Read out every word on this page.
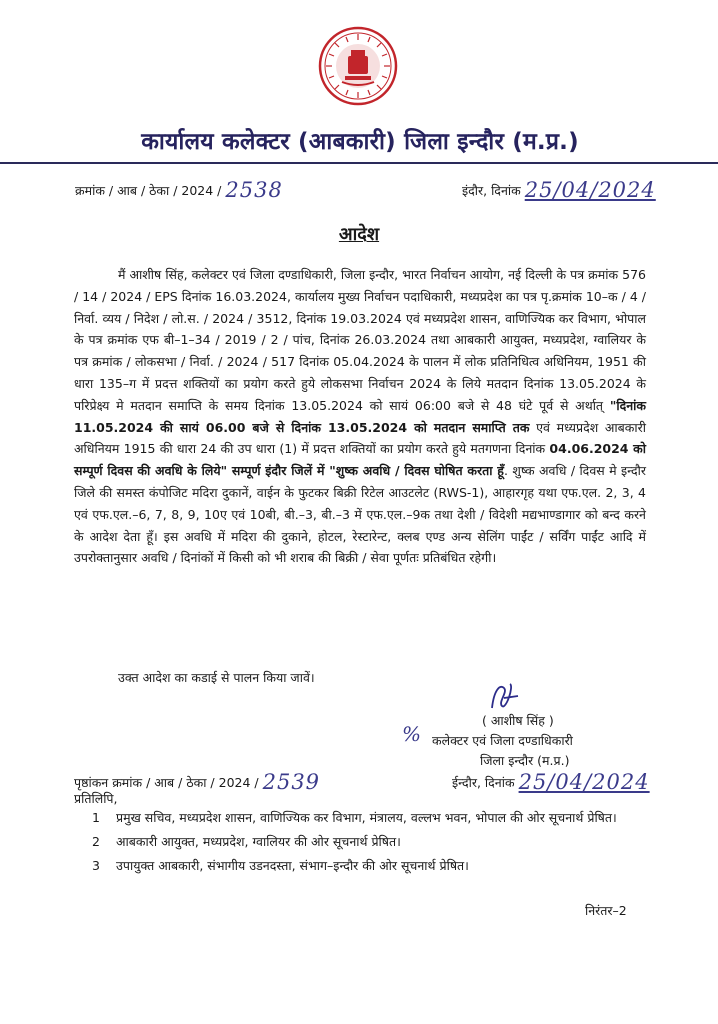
कार्यालय कलेक्टर (आबकारी) जिला इन्दौर (म.प्र.)
क्रमांक / आब / ठेका / 2024 / 2538	इंदौर, दिनांक 25/04/2024
आदेश

मैं आशीष सिंह, कलेक्टर एवं जिला दण्डाधिकारी, जिला इन्दौर, भारत निर्वाचन आयोग, नई दिल्ली के पत्र क्रमांक 576 / 14 / 2024 / EPS दिनांक 16.03.2024, कार्यालय मुख्य निर्वाचन पदाधिकारी, मध्यप्रदेश का पत्र पृ.क्रमांक 10–क / 4 / निर्वा. व्यय / निदेश / लो.स. / 2024 / 3512, दिनांक 19.03.2024 एवं मध्यप्रदेश शासन, वाणिज्यिक कर विभाग, भोपाल के पत्र क्रमांक एफ बी–1–34 / 2019 / 2 / पांच, दिनांक 26.03.2024 तथा आबकारी आयुक्त, मध्यप्रदेश, ग्वालियर के पत्र क्रमांक / लोकसभा / निर्वा. / 2024 / 517 दिनांक 05.04.2024 के पालन में लोक प्रतिनिधित्व अधिनियम, 1951 की धारा 135–ग में प्रदत्त शक्तियों का प्रयोग करते हुये लोकसभा निर्वाचन 2024 के लिये मतदान दिनांक 13.05.2024 के परिप्रेक्ष्य मे मतदान समाप्ति के समय दिनांक 13.05.2024 को सायं 06:00 बजे से 48 घंटे पूर्व से अर्थात् "दिनांक 11.05.2024 की सायं 06.00 बजे से दिनांक 13.05.2024 को मतदान समाप्ति तक एवं मध्यप्रदेश आबकारी अधिनियम 1915 की धारा 24 की उप धारा (1) में प्रदत्त शक्तियों का प्रयोग करते हुये मतगणना दिनांक 04.06.2024 को सम्पूर्ण दिवस की अवधि के लिये" सम्पूर्ण इंदौर जिलें में "शुष्क अवधि / दिवस घोषित करता हूँ. शुष्क अवधि / दिवस मे इन्दौर जिले की समस्त कंपोजिट मदिरा दुकानें, वाईन के फुटकर बिक्री रिटेल आउटलेट (RWS-1), आहारगृह यथा एफ.एल. 2, 3, 4 एवं एफ.एल.–6, 7, 8, 9, 10ए एवं 10बी, बी.–3, बी.–3 में एफ.एल.–9क तथा देशी / विदेशी मद्यभाण्डागार को बन्द करने के आदेश देता हूँ। इस अवधि में मदिरा की दुकाने, होटल, रेस्टारेन्ट, क्लब एण्ड अन्य सेलिंग पाईंट / सर्विंग पाईंट आदि में उपरोक्तानुसार अवधि / दिनांकों में किसी को भी शराब की बिक्री / सेवा पूर्णतः प्रतिबंधित रहेगी।

उक्त आदेश का कडाई से पालन किया जावें।
( आशीष सिंह )
% कलेक्टर एवं जिला दण्डाधिकारी
जिला इन्दौर (म.प्र.)
पृष्ठांकन क्रमांक / आब / ठेका / 2024 / 2539	ईन्दौर, दिनांक 25/04/2024
प्रतिलिपि,
1	प्रमुख सचिव, मध्यप्रदेश शासन, वाणिज्यिक कर विभाग, मंत्रालय, वल्लभ भवन, भोपाल की ओर सूचनार्थ प्रेषित।
2	आबकारी आयुक्त, मध्यप्रदेश, ग्वालियर की ओर सूचनार्थ प्रेषित।
3	उपायुक्त आबकारी, संभागीय उडनदस्ता, संभाग–इन्दौर की ओर सूचनार्थ प्रेषित।
निरंतर–2
